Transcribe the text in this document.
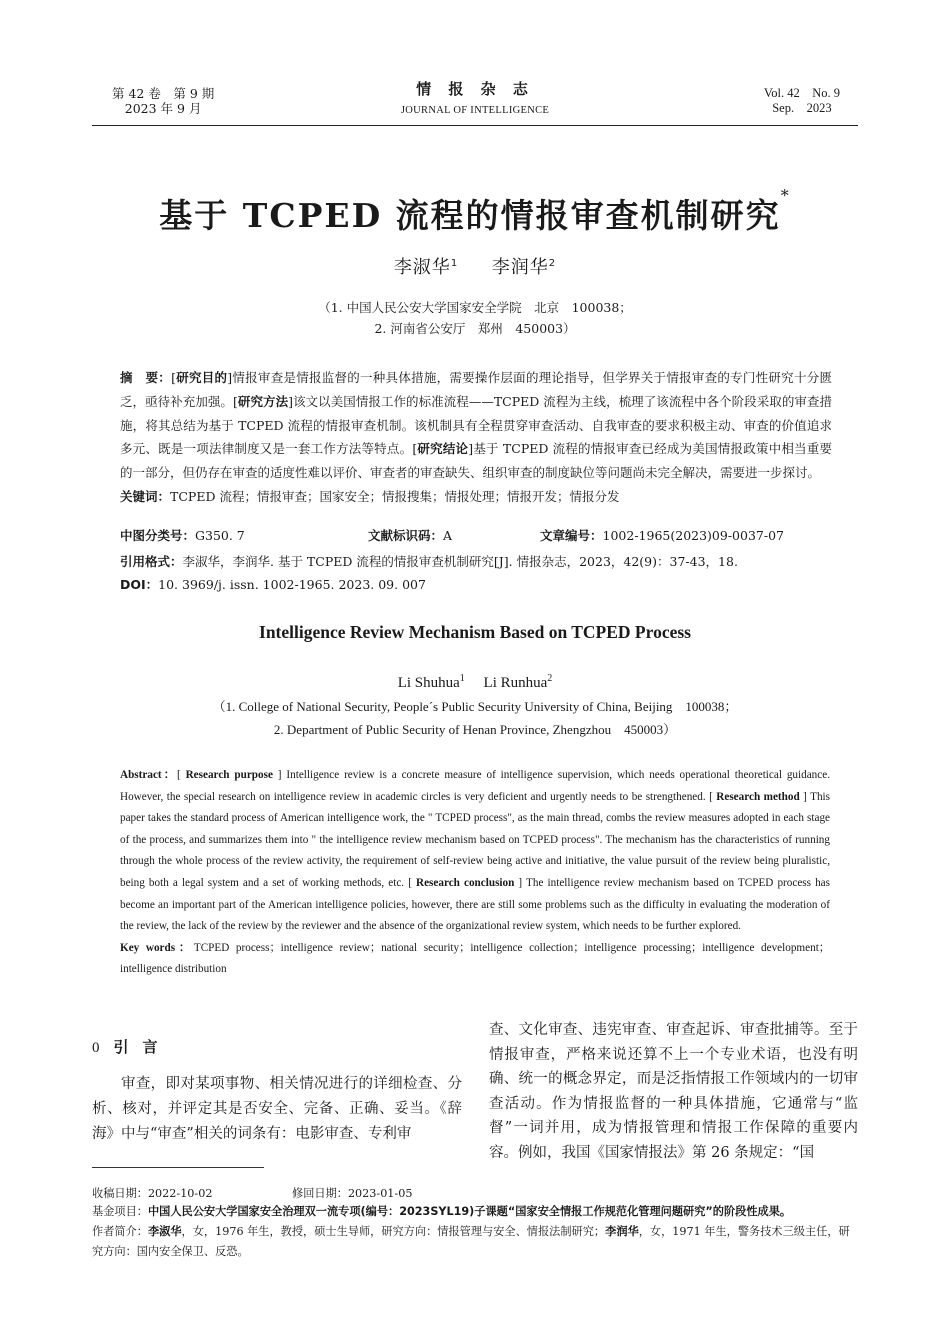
第 42 卷　第 9 期
2023 年 9 月
情 报 杂 志
JOURNAL OF INTELLIGENCE
Vol. 42　No. 9
Sep.　2023
基于 TCPED 流程的情报审查机制研究*
李淑华$^1$ 李润华$^2$
（1. 中国人民公安大学国家安全学院　北京　100038；
2. 河南省公安厅　郑州　450003）
摘　要：[研究目的]情报审查是情报监督的一种具体措施，需要操作层面的理论指导，但学界关于情报审查的专门性研究十分匮乏，亟待补充加强。[研究方法]该文以美国情报工作的标准流程——TCPED 流程为主线，梳理了该流程中各个阶段采取的审查措施，将其总结为基于 TCPED 流程的情报审查机制。该机制具有全程贯穿审查活动、自我审查的要求积极主动、审查的价值追求多元、既是一项法律制度又是一套工作方法等特点。[研究结论]基于 TCPED 流程的情报审查已经成为美国情报政策中相当重要的一部分，但仍存在审查的适度性难以评价、审查者的审查缺失、组织审查的制度缺位等问题尚未完全解决，需要进一步探讨。
关键词：TCPED 流程；情报审查；国家安全；情报搜集；情报处理；情报开发；情报分发
中图分类号：G350. 7	文献标识码：A	文章编号：1002-1965(2023)09-0037-07
引用格式：李淑华，李润华. 基于 TCPED 流程的情报审查机制研究[J]. 情报杂志，2023，42(9)：37-43，18.
DOI：10. 3969/j. issn. 1002-1965. 2023. 09. 007
Intelligence Review Mechanism Based on TCPED Process
Li Shuhua$^1$ Li Runhua$^2$
（1. College of National Security, People´s Public Security University of China, Beijing　100038；
2. Department of Public Security of Henan Province, Zhengzhou　450003）
Abstract：[ Research purpose ] Intelligence review is a concrete measure of intelligence supervision, which needs operational theoretical guidance. However, the special research on intelligence review in academic circles is very deficient and urgently needs to be strengthened. [ Research method ] This paper takes the standard process of American intelligence work, the " TCPED process", as the main thread, combs the review measures adopted in each stage of the process, and summarizes them into " the intelligence review mechanism based on TCPED process". The mechanism has the characteristics of running through the whole process of the review activity, the requirement of self-review being active and initiative, the value pursuit of the review being pluralistic, being both a legal system and a set of working methods, etc. [ Research conclusion ] The intelligence review mechanism based on TCPED process has become an important part of the American intelligence policies, however, there are still some problems such as the difficulty in evaluating the moderation of the review, the lack of the review by the reviewer and the absence of the organizational review system, which needs to be further explored.
Key words：TCPED process；intelligence review；national security；intelligence collection；intelligence processing；intelligence development；intelligence distribution
0 引言
审查，即对某项事物、相关情况进行的详细检查、分析、核对，并评定其是否安全、完备、正确、妥当。《辞海》中与“审查”相关的词条有：电影审查、专利审
查、文化审查、违宪审查、审查起诉、审查批捕等。至于情报审查，严格来说还算不上一个专业术语，也没有明确、统一的概念界定，而是泛指情报工作领域内的一切审查活动。作为情报监督的一种具体措施，它通常与“监督”一词并用，成为情报管理和情报工作保障的重要内容。例如，我国《国家情报法》第 26 条规定：“国
收稿日期：2022-10-02	修回日期：2023-01-05
基金项目：中国人民公安大学国家安全治理双一流专项(编号：2023SYL19)子课题“国家安全情报工作规范化管理问题研究”的阶段性成果。
作者简介：李淑华，女，1976 年生，教授，硕士生导师，研究方向：情报管理与安全、情报法制研究；李润华，女，1971 年生，警务技术三级主任，研究方向：国内安全保卫、反恐。
